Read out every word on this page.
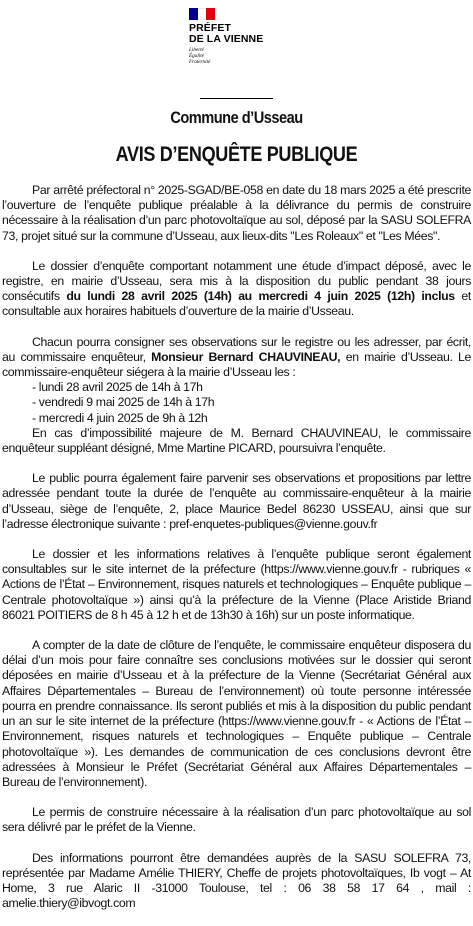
PRÉFET
DE LA VIENNE
Liberté
Égalité
Fraternité
Commune d’Usseau
AVIS D’ENQUÊTE PUBLIQUE

Par arrêté préfectoral n° 2025-SGAD/BE-058 en date du 18 mars 2025 a été prescrite l’ouverture de l’enquête publique préalable à la délivrance du permis de construire nécessaire à la réalisation d’un parc photovoltaïque au sol, déposé par la SASU SOLEFRA 73, projet situé sur la commune d’Usseau, aux lieux-dits "Les Roleaux" et "Les Mées".

Le dossier d’enquête comportant notamment une étude d’impact déposé, avec le registre, en mairie d’Usseau, sera mis à la disposition du public pendant 38 jours consécutifs du lundi 28 avril 2025 (14h) au mercredi 4 juin 2025 (12h) inclus et consultable aux horaires habituels d’ouverture de la mairie d’Usseau.

Chacun pourra consigner ses observations sur le registre ou les adresser, par écrit, au commissaire enquêteur, Monsieur Bernard CHAUVINEAU, en mairie d’Usseau. Le commissaire-enquêteur siégera à la mairie d’Usseau les :

- lundi 28 avril 2025 de 14h à 17h
- vendredi 9 mai 2025 de 14h à 17h
- mercredi 4 juin 2025 de 9h à 12h

En cas d’impossibilité majeure de M. Bernard CHAUVINEAU, le commissaire enquêteur suppléant désigné, Mme Martine PICARD, poursuivra l’enquête.

Le public pourra également faire parvenir ses observations et propositions par lettre adressée pendant toute la durée de l’enquête au commissaire-enquêteur à la mairie d’Usseau, siège de l’enquête, 2, place Maurice Bedel 86230 USSEAU, ainsi que sur l’adresse électronique suivante : pref-enquetes-publiques@vienne.gouv.fr

Le dossier et les informations relatives à l’enquête publique seront également consultables sur le site internet de la préfecture (https://www.vienne.gouv.fr - rubriques « Actions de l’État – Environnement, risques naturels et technologiques – Enquête publique – Centrale photovoltaïque ») ainsi qu’à la préfecture de la Vienne (Place Aristide Briand 86021 POITIERS de 8 h 45 à 12 h et de 13h30 à 16h) sur un poste informatique.

A compter de la date de clôture de l’enquête, le commissaire enquêteur disposera du délai d’un mois pour faire connaître ses conclusions motivées sur le dossier qui seront déposées en mairie d’Usseau et à la préfecture de la Vienne (Secrétariat Général aux Affaires Départementales – Bureau de l’environnement) où toute personne intéressée pourra en prendre connaissance. Ils seront publiés et mis à la disposition du public pendant un an sur le site internet de la préfecture (https://www.vienne.gouv.fr - « Actions de l’État – Environnement, risques naturels et technologiques – Enquête publique – Centrale photovoltaïque »). Les demandes de communication de ces conclusions devront être adressées à Monsieur le Préfet (Secrétariat Général aux Affaires Départementales – Bureau de l’environnement).

Le permis de construire nécessaire à la réalisation d’un parc photovoltaïque au sol sera délivré par le préfet de la Vienne.

Des informations pourront être demandées auprès de la SASU SOLEFRA 73, représentée par Madame Amélie THIERY, Cheffe de projets photovoltaïques, Ib vogt – At Home, 3 rue Alaric II -31000 Toulouse, tel : 06 38 58 17 64 , mail : amelie.thiery@ibvogt.com
